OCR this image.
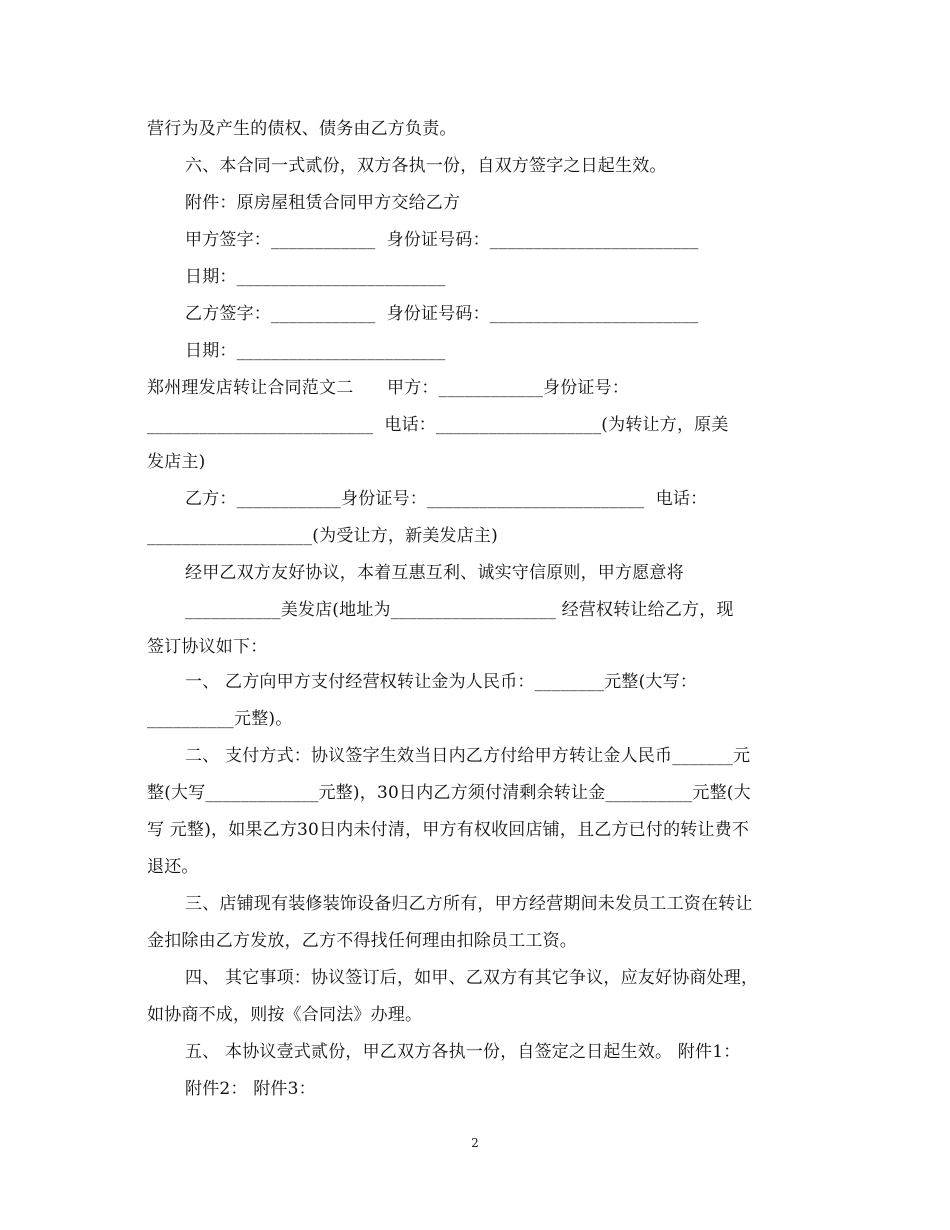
营行为及产生的债权、债务由乙方负责。
六、本合同一式贰份，双方各执一份，自双方签字之日起生效。
附件：原房屋租赁合同甲方交给乙方
甲方签字：____________  身份证号码：________________________
日期：________________________
乙方签字：____________  身份证号码：________________________
日期：________________________
郑州理发店转让合同范文二      甲方：____________身份证号：
__________________________  电话：___________________(为转让方，原美
发店主)
乙方：____________身份证号：_________________________  电话：
___________________(为受让方，新美发店主)
经甲乙双方友好协议，本着互惠互利、诚实守信原则，甲方愿意将
___________美发店(地址为___________________ 经营权转让给乙方，现
签订协议如下：
一、 乙方向甲方支付经营权转让金为人民币：________元整(大写：
__________元整)。
二、 支付方式：协议签字生效当日内乙方付给甲方转让金人民币_______元
整(大写_____________元整)，30日内乙方须付清剩余转让金__________元整(大
写 元整)，如果乙方30日内未付清，甲方有权收回店铺，且乙方已付的转让费不
退还。
三、店铺现有装修装饰设备归乙方所有，甲方经营期间未发员工工资在转让
金扣除由乙方发放，乙方不得找任何理由扣除员工工资。
四、 其它事项：协议签订后，如甲、乙双方有其它争议，应友好协商处理，
如协商不成，则按《合同法》办理。
五、 本协议壹式贰份，甲乙双方各执一份，自签定之日起生效。 附件1：
附件2： 附件3：
2
